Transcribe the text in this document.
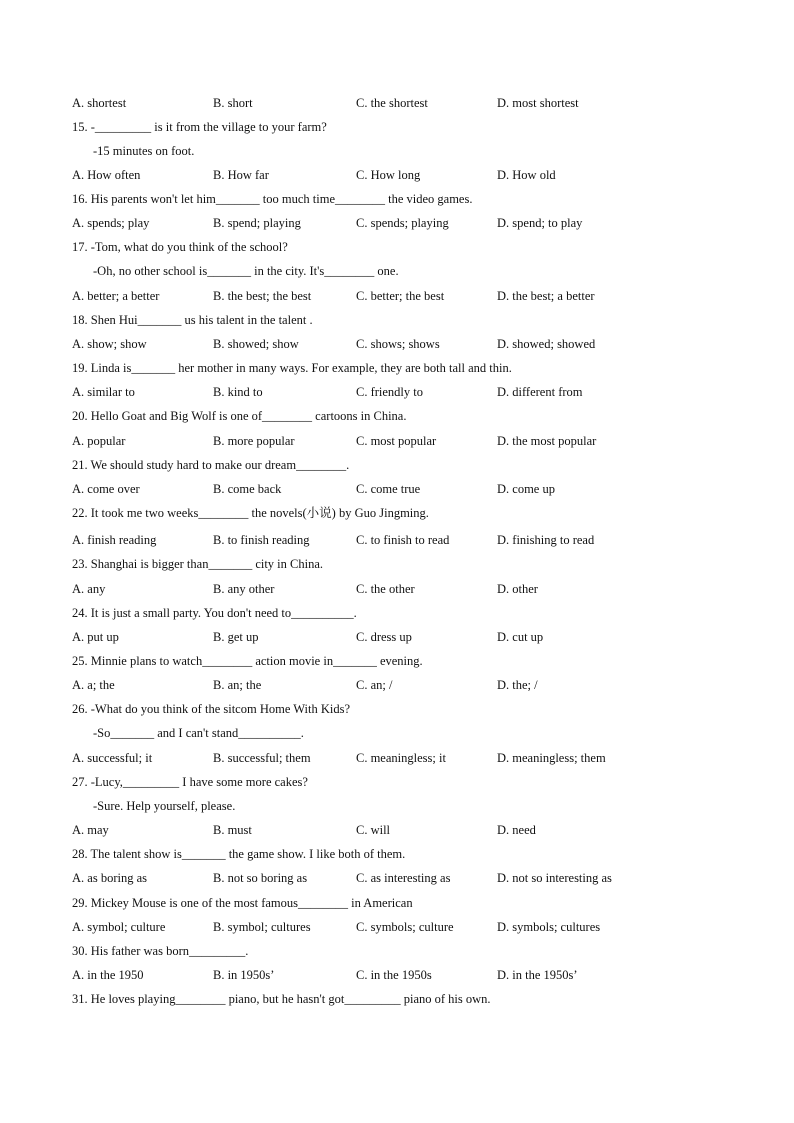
A. shortest	B. short	C. the shortest	D. most shortest
15. -_________ is it from the village to your farm?
-15 minutes on foot.
A. How often	B. How far	C. How long	D. How old
16. His parents won't let him_______ too much time________ the video games.
A. spends; play	B. spend; playing	C. spends; playing	D. spend; to play
17. -Tom, what do you think of the school?
-Oh, no other school is_______ in the city. It's________ one.
A. better; a better	B. the best; the best	C. better; the best	D. the best; a better
18. Shen Hui_______ us his talent in the talent .
A. show; show	B. showed; show	C. shows; shows	D. showed; showed
19. Linda is_______ her mother in many ways. For example, they are both tall and thin.
A. similar to	B. kind to	C. friendly to	D. different from
20. Hello Goat and Big Wolf is one of________ cartoons in China.
A. popular	B. more popular	C. most popular	D. the most popular
21. We should study hard to make our dream________.
A. come over	B. come back	C. come true	D. come up
22. It took me two weeks________ the novels(小说) by Guo Jingming.
A. finish reading	B. to finish reading	C. to finish to read	D. finishing to read
23. Shanghai is bigger than_______ city in China.
A. any	B. any other	C. the other	D. other
24. It is just a small party. You don't need to__________.
A. put up	B. get up	C. dress up	D. cut up
25. Minnie plans to watch________ action movie in_______ evening.
A. a; the	B. an; the	C. an; /	D. the; /
26. -What do you think of the sitcom Home With Kids?
-So_______ and I can't stand__________.
A. successful; it	B. successful; them	C. meaningless; it	D. meaningless; them
27. -Lucy,_________ I have some more cakes?
-Sure. Help yourself, please.
A. may	B. must	C. will	D. need
28. The talent show is_______ the game show. I like both of them.
A. as boring as	B. not so boring as	C. as interesting as	D. not so interesting as
29. Mickey Mouse is one of the most famous________ in American
A. symbol; culture	B. symbol; cultures	C. symbols; culture	D. symbols; cultures
30. His father was born_________.
A. in the 1950	B. in 1950s’	C. in the 1950s	D. in the 1950s’
31. He loves playing________ piano, but he hasn't got_________ piano of his own.
